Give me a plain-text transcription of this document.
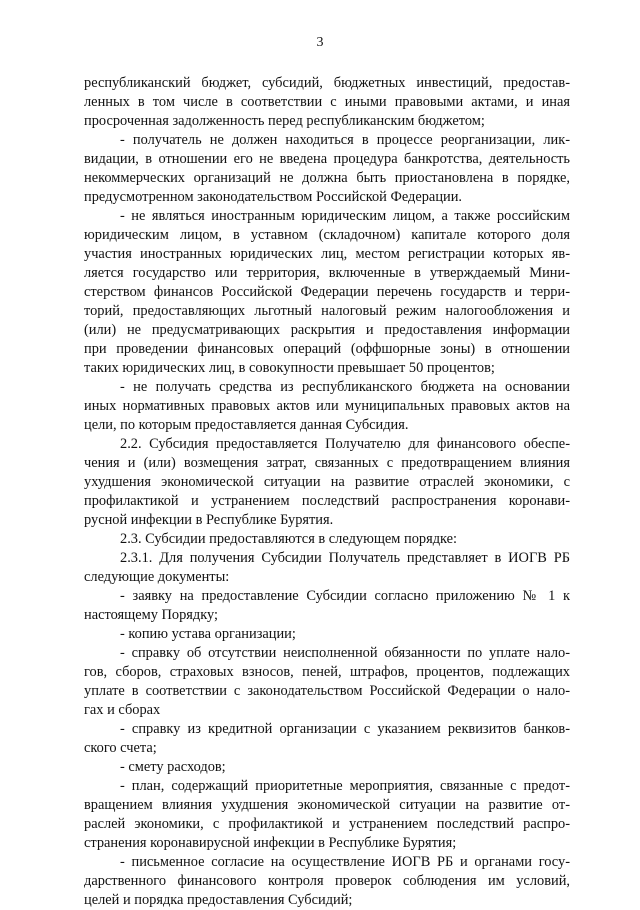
3
республиканский бюджет, субсидий, бюджетных инвестиций, предостав-
ленных в том числе в соответствии с иными правовыми актами, и иная
просроченная задолженность перед республиканским бюджетом;
- получатель не должен находиться в процессе реорганизации, лик-
видации, в отношении его не введена процедура банкротства, деятельность
некоммерческих организаций не должна быть приостановлена в порядке,
предусмотренном законодательством Российской Федерации.
- не являться иностранным юридическим лицом, а также российским
юридическим лицом, в уставном (складочном) капитале которого доля
участия иностранных юридических лиц, местом регистрации которых яв-
ляется государство или территория, включенные в утверждаемый Мини-
стерством финансов Российской Федерации перечень государств и терри-
торий, предоставляющих льготный налоговый режим налогообложения и
(или) не предусматривающих раскрытия и предоставления информации
при проведении финансовых операций (оффшорные зоны) в отношении
таких юридических лиц, в совокупности превышает 50 процентов;
- не получать средства из республиканского бюджета на основании
иных нормативных правовых актов или муниципальных правовых актов на
цели, по которым предоставляется данная Субсидия.
2.2. Субсидия предоставляется Получателю для финансового обеспе-
чения и (или) возмещения затрат, связанных с предотвращением влияния
ухудшения экономической ситуации на развитие отраслей экономики, с
профилактикой и устранением последствий распространения коронави-
русной инфекции в Республике Бурятия.
2.3. Субсидии предоставляются в следующем порядке:
2.3.1. Для получения Субсидии Получатель представляет в ИОГВ РБ
следующие документы:
- заявку на предоставление Субсидии согласно приложению № 1 к
настоящему Порядку;
- копию устава организации;
- справку об отсутствии неисполненной обязанности по уплате нало-
гов, сборов, страховых взносов, пеней, штрафов, процентов, подлежащих
уплате в соответствии с законодательством Российской Федерации о нало-
гах и сборах
- справку из кредитной организации с указанием реквизитов банков-
ского счета;
- смету расходов;
- план, содержащий приоритетные мероприятия, связанные с предот-
вращением влияния ухудшения экономической ситуации на развитие от-
раслей экономики, с профилактикой и устранением последствий распро-
странения коронавирусной инфекции в Республике Бурятия;
- письменное согласие на осуществление ИОГВ РБ и органами госу-
дарственного финансового контроля проверок соблюдения им условий,
целей и порядка предоставления Субсидий;
